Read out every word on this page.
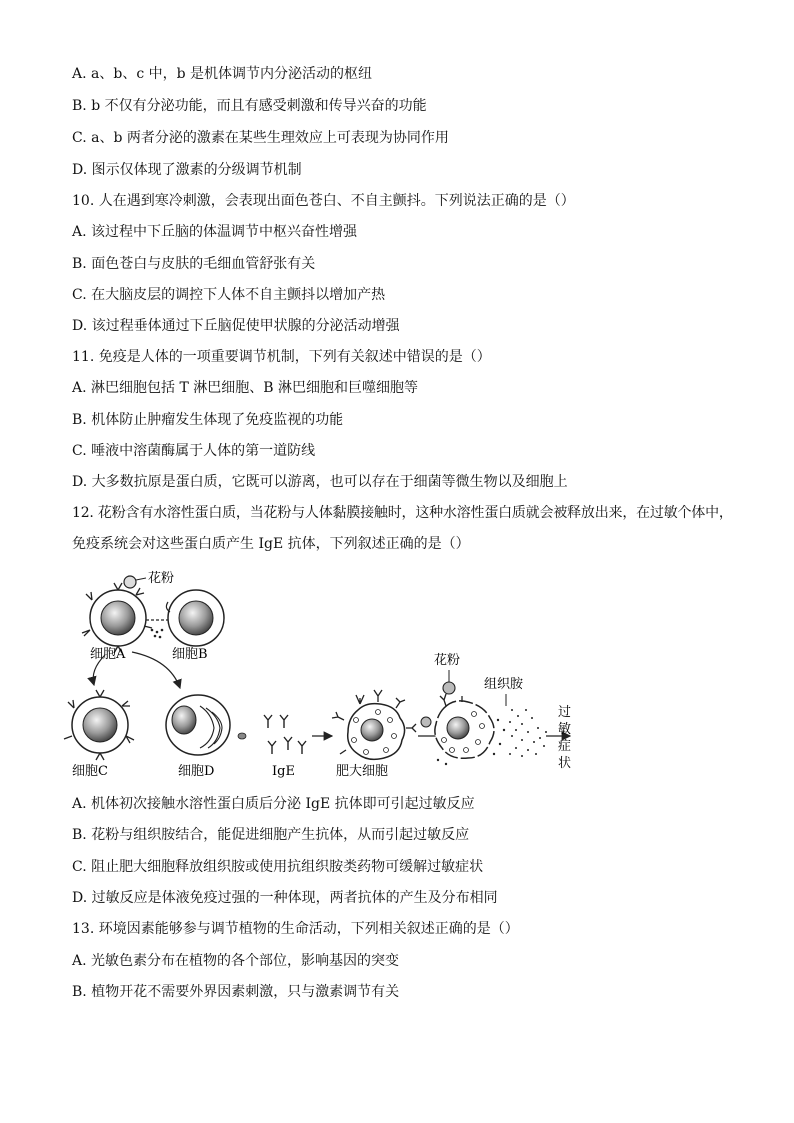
A. a、b、c 中，b 是机体调节内分泌活动的枢纽
B. b 不仅有分泌功能，而且有感受刺激和传导兴奋的功能
C. a、b 两者分泌的激素在某些生理效应上可表现为协同作用
D. 图示仅体现了激素的分级调节机制
10. 人在遇到寒冷刺激，会表现出面色苍白、不自主颤抖。下列说法正确的是（）
A. 该过程中下丘脑的体温调节中枢兴奋性增强
B. 面色苍白与皮肤的毛细血管舒张有关
C. 在大脑皮层的调控下人体不自主颤抖以增加产热
D. 该过程垂体通过下丘脑促使甲状腺的分泌活动增强
11. 免疫是人体的一项重要调节机制，下列有关叙述中错误的是（）
A. 淋巴细胞包括 T 淋巴细胞、B 淋巴细胞和巨噬细胞等
B. 机体防止肿瘤发生体现了免疫监视的功能
C. 唾液中溶菌酶属于人体的第一道防线
D. 大多数抗原是蛋白质，它既可以游离，也可以存在于细菌等微生物以及细胞上
12. 花粉含有水溶性蛋白质，当花粉与人体黏膜接触时，这种水溶性蛋白质就会被释放出来，在过敏个体中，
免疫系统会对这些蛋白质产生 IgE 抗体，下列叙述正确的是（）
花粉
细胞A	细胞B
细胞C	细胞D	IgE	肥大细胞
花粉
组织胺
过
敏
症
状
A. 机体初次接触水溶性蛋白质后分泌 IgE 抗体即可引起过敏反应
B. 花粉与组织胺结合，能促进细胞产生抗体，从而引起过敏反应
C. 阻止肥大细胞释放组织胺或使用抗组织胺类药物可缓解过敏症状
D. 过敏反应是体液免疫过强的一种体现，两者抗体的产生及分布相同
13. 环境因素能够参与调节植物的生命活动，下列相关叙述正确的是（）
A. 光敏色素分布在植物的各个部位，影响基因的突变
B. 植物开花不需要外界因素刺激，只与激素调节有关
